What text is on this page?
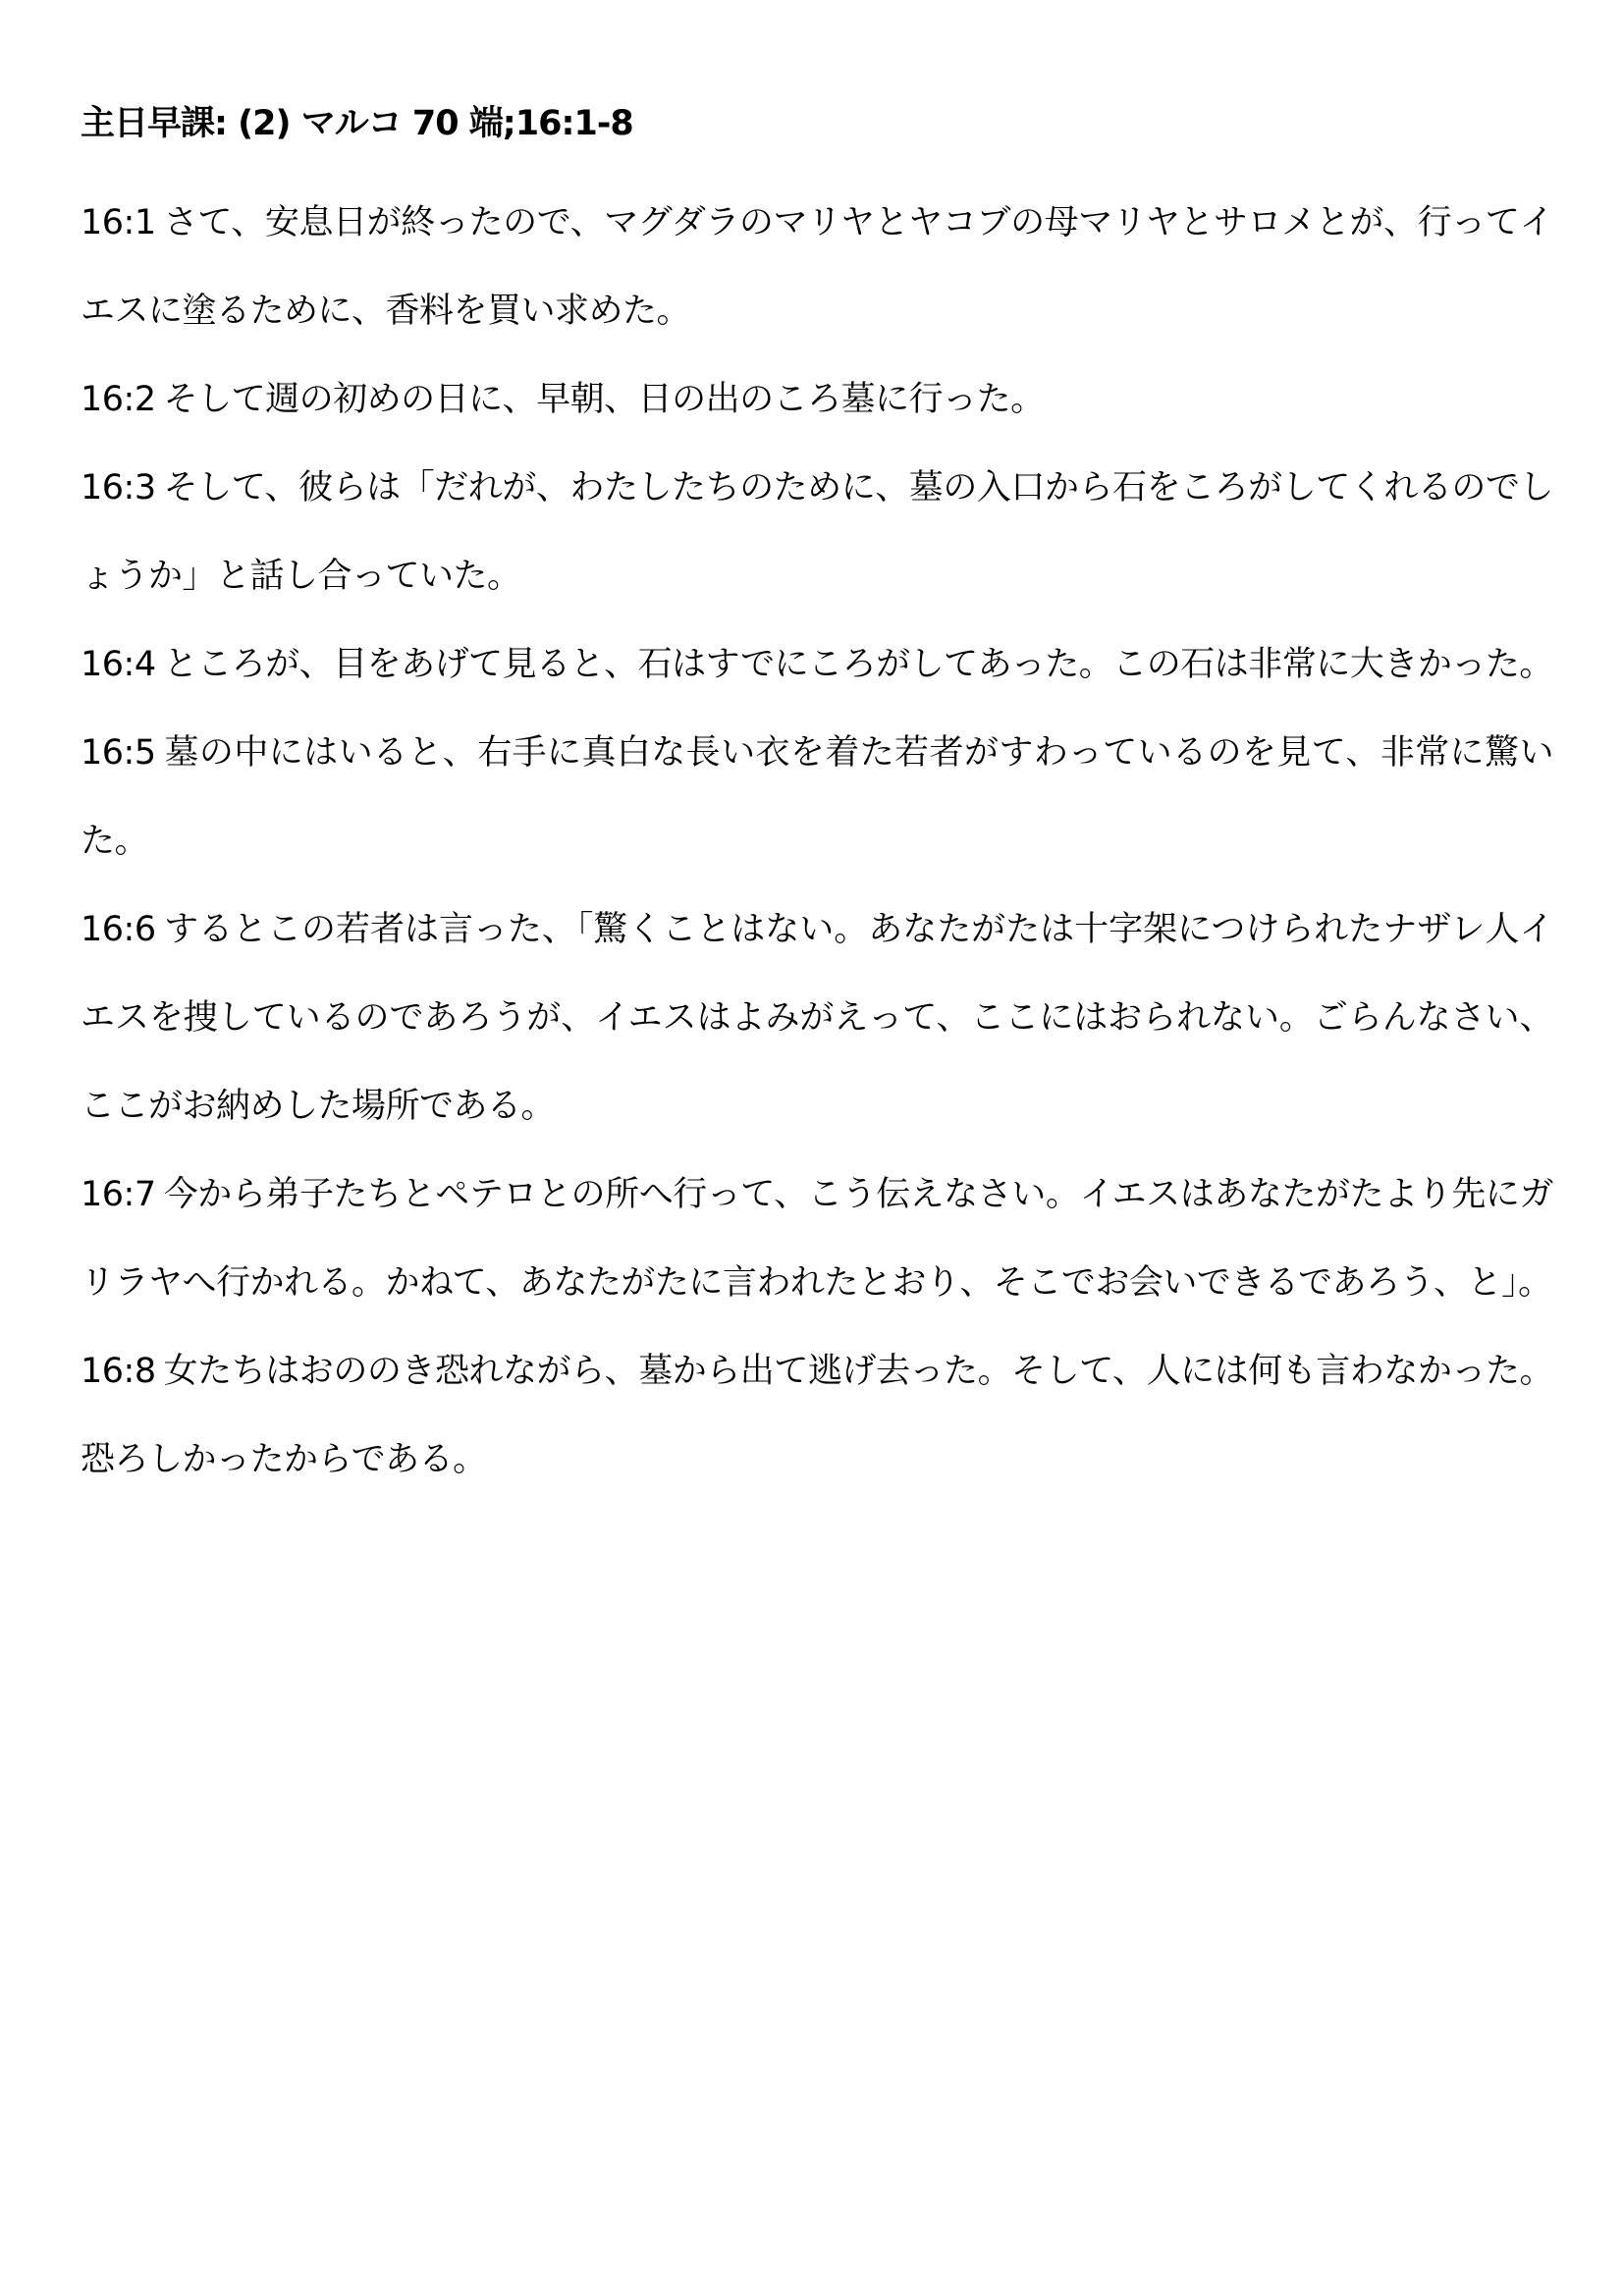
主日早課: (2) マルコ 70 端;16:1-8

16:1 さて、安息日が終ったので、マグダラのマリヤとヤコブの母マリヤとサロメとが、行ってイエスに塗るために、香料を買い求めた。

16:2 そして週の初めの日に、早朝、日の出のころ墓に行った。

16:3 そして、彼らは「だれが、わたしたちのために、墓の入口から石をころがしてくれるのでしょうか」と話し合っていた。

16:4 ところが、目をあげて見ると、石はすでにころがしてあった。この石は非常に大きかった。

16:5 墓の中にはいると、右手に真白な長い衣を着た若者がすわっているのを見て、非常に驚いた。

16:6 するとこの若者は言った、「驚くことはない。あなたがたは十字架につけられたナザレ人イエスを捜しているのであろうが、イエスはよみがえって、ここにはおられない。ごらんなさい、ここがお納めした場所である。

16:7 今から弟子たちとペテロとの所へ行って、こう伝えなさい。イエスはあなたがたより先にガリラヤへ行かれる。かねて、あなたがたに言われたとおり、そこでお会いできるであろう、と」。

16:8 女たちはおののき恐れながら、墓から出て逃げ去った。そして、人には何も言わなかった。恐ろしかったからである。
